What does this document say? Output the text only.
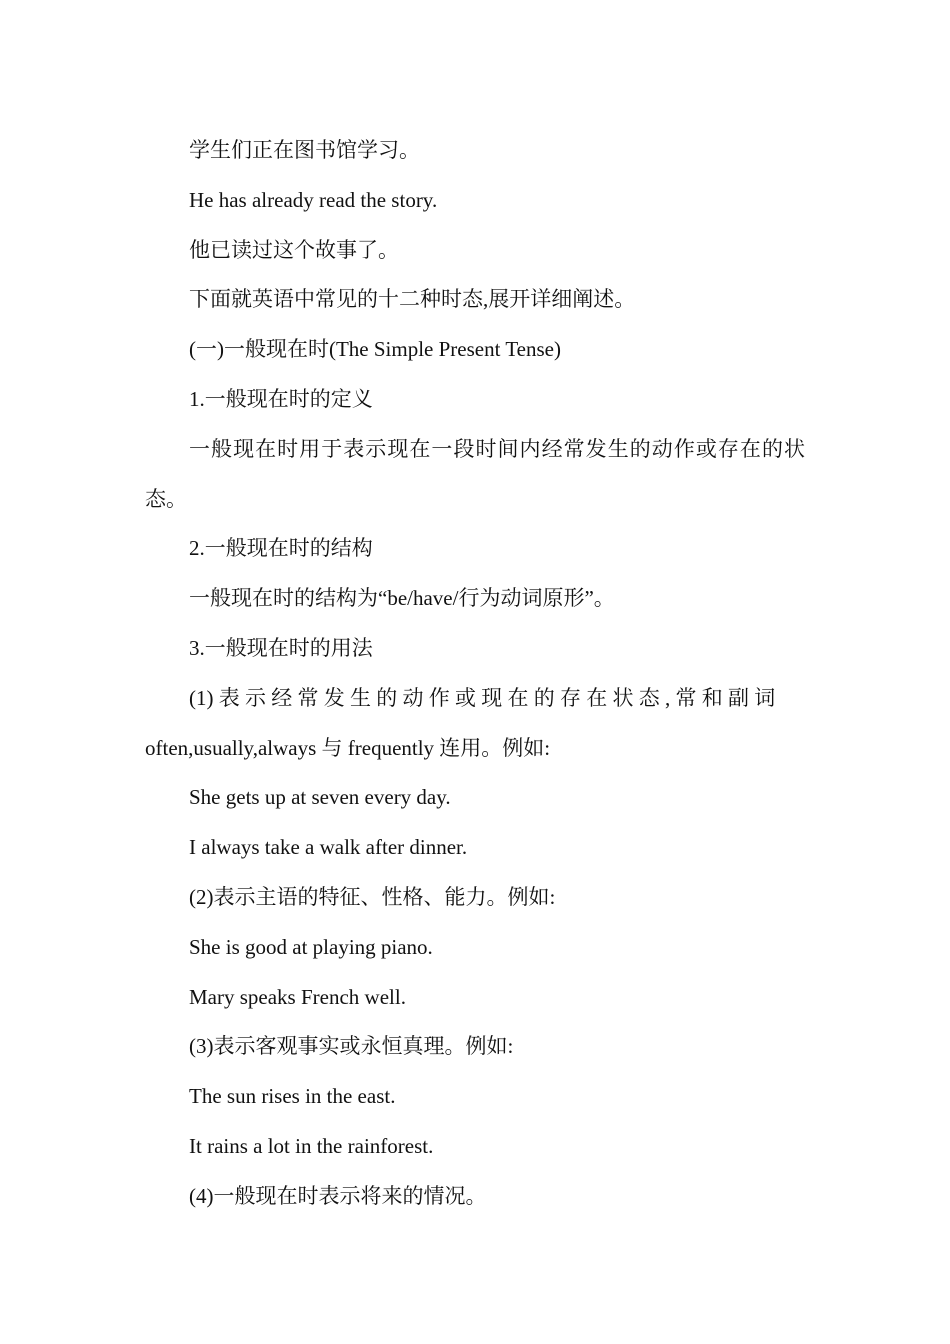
学生们正在图书馆学习。

He has already read the story.

他已读过这个故事了。

下面就英语中常见的十二种时态,展开详细阐述。

(一)一般现在时(The Simple Present Tense)

1.一般现在时的定义

一般现在时用于表示现在一段时间内经常发生的动作或存在的状态。

2.一般现在时的结构

一般现在时的结构为“be/have/行为动词原形”。

3.一般现在时的用法

(1) 表 示 经 常 发 生 的 动 作 或 现 在 的 存 在 状 态 , 常 和 副 词 often,usually,always 与 frequently 连用。例如:

She gets up at seven every day.

I always take a walk after dinner.

(2)表示主语的特征、性格、能力。例如:

She is good at playing piano.

Mary speaks French well.

(3)表示客观事实或永恒真理。例如:

The sun rises in the east.

It rains a lot in the rainforest.

(4)一般现在时表示将来的情况。
